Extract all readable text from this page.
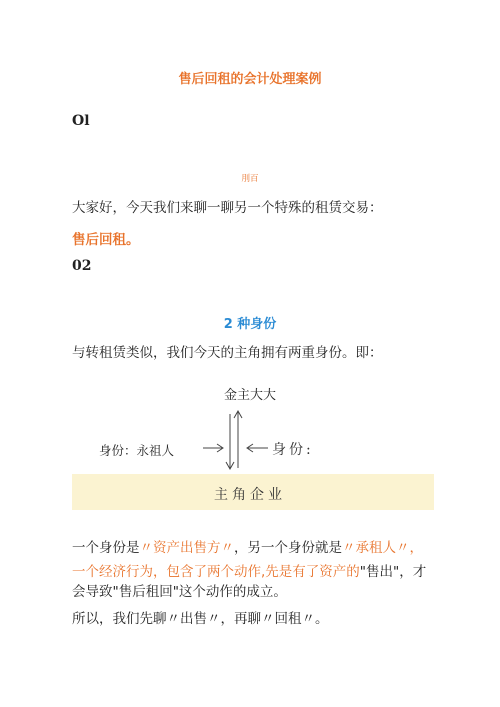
售后回租的会计处理案例
Ol
刖百
大家好，今天我们来聊一聊另一个特殊的租赁交易：售后回租。
02
2 种身份
与转租赁类似，我们今天的主角拥有两重身份。即：
金主大大
身份：永祖人	身份:
主角企业
一个身份是〃资产出售方〃，另一个身份就是〃承租人〃，
一个经济行为，包含了两个动作,先是有了资产的"售出"，才
会导致"售后租回"这个动作的成立。
所以，我们先聊〃出售〃，再聊〃回租〃。
